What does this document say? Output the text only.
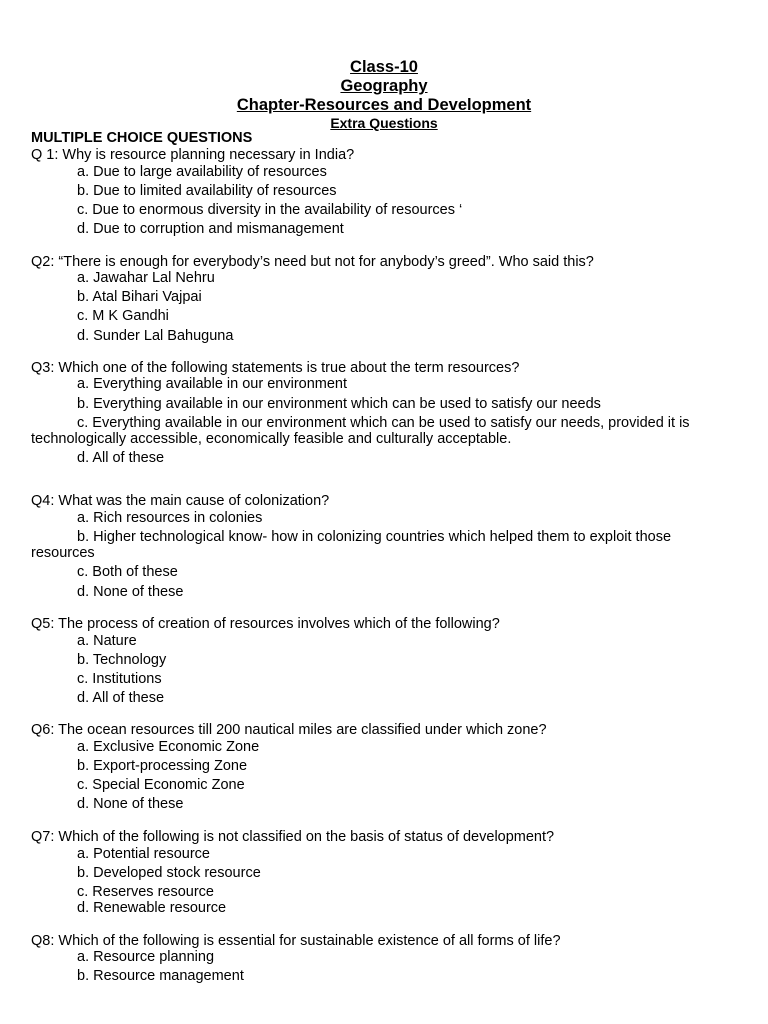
Class-10
Geography
Chapter-Resources and Development
Extra Questions
MULTIPLE CHOICE QUESTIONS
Q 1: Why is resource planning necessary in India?
a. Due to large availability of resources
b. Due to limited availability of resources
c. Due to enormous diversity in the availability of resources ‘
d. Due to corruption and mismanagement
Q2: “There is enough for everybody’s need but not for anybody’s greed”. Who said this?
a. Jawahar Lal Nehru
b. Atal Bihari Vajpai
c. M K Gandhi
d. Sunder Lal Bahuguna
Q3: Which one of the following statements is true about the term resources?
a. Everything available in our environment
b. Everything available in our environment which can be used to satisfy our needs
c. Everything available in our environment which can be used to satisfy our needs, provided it is
technologically accessible, economically feasible and culturally acceptable.
d. All of these
Q4: What was the main cause of colonization?
a. Rich resources in colonies
b. Higher technological know- how in colonizing countries which helped them to exploit those
resources
c. Both of these
d. None of these
Q5: The process of creation of resources involves which of the following?
a. Nature
b. Technology
c. Institutions
d. All of these
Q6: The ocean resources till 200 nautical miles are classified under which zone?
a. Exclusive Economic Zone
b. Export-processing Zone
c. Special Economic Zone
d. None of these
Q7: Which of the following is not classified on the basis of status of development?
a. Potential resource
b. Developed stock resource
c. Reserves resource
d. Renewable resource
Q8: Which of the following is essential for sustainable existence of all forms of life?
a. Resource planning
b. Resource management
